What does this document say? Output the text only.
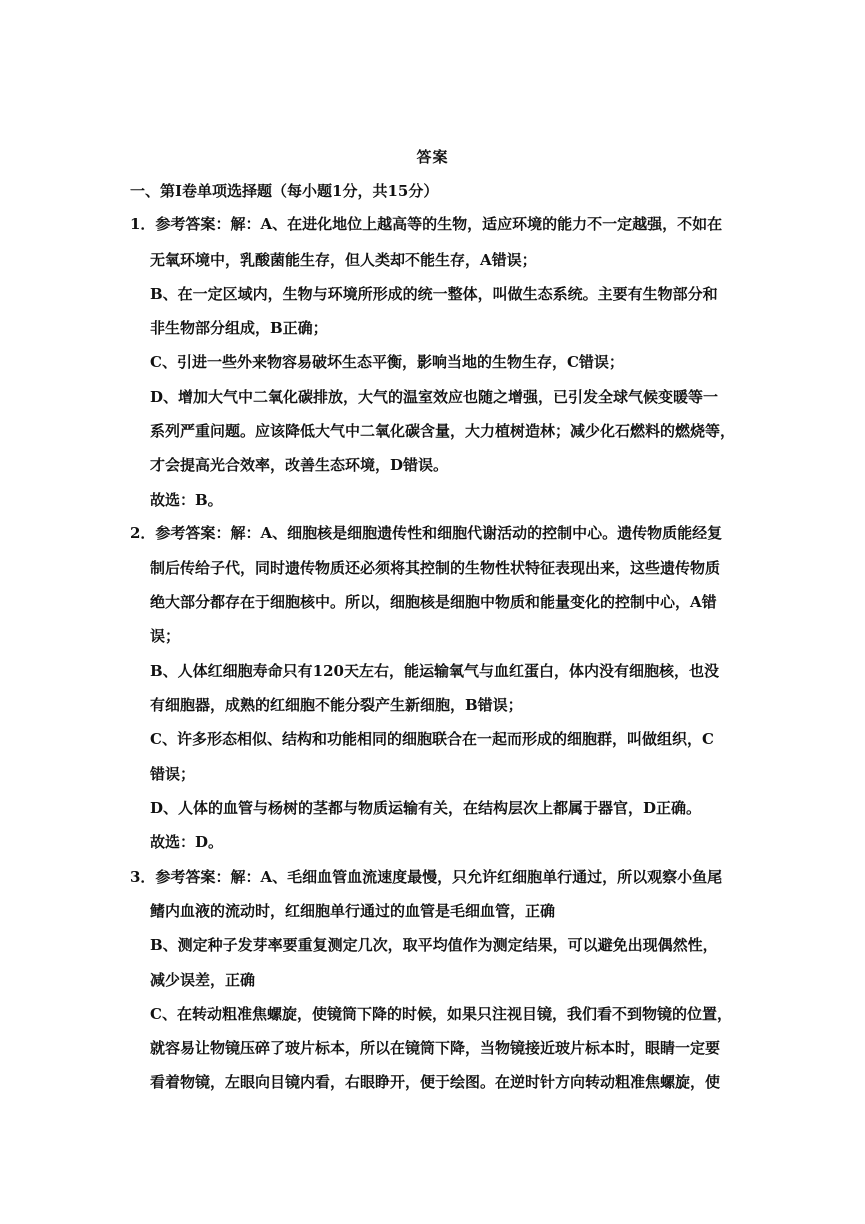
答案
一、第Ⅰ卷单项选择题（每小题1分，共15分）
1．参考答案：解：A、在进化地位上越高等的生物，适应环境的能力不一定越强，不如在
无氧环境中，乳酸菌能生存，但人类却不能生存，A错误；
B、在一定区域内，生物与环境所形成的统一整体，叫做生态系统。主要有生物部分和
非生物部分组成，B正确；
C、引进一些外来物容易破坏生态平衡，影响当地的生物生存，C错误；
D、增加大气中二氧化碳排放，大气的温室效应也随之增强，已引发全球气候变暖等一
系列严重问题。应该降低大气中二氧化碳含量，大力植树造林；减少化石燃料的燃烧等，
才会提高光合效率，改善生态环境，D错误。
故选：B。
2．参考答案：解：A、细胞核是细胞遗传性和细胞代谢活动的控制中心。遗传物质能经复
制后传给子代，同时遗传物质还必须将其控制的生物性状特征表现出来，这些遗传物质
绝大部分都存在于细胞核中。所以，细胞核是细胞中物质和能量变化的控制中心，A错
误；
B、人体红细胞寿命只有120天左右，能运输氧气与血红蛋白，体内没有细胞核，也没
有细胞器，成熟的红细胞不能分裂产生新细胞，B错误；
C、许多形态相似、结构和功能相同的细胞联合在一起而形成的细胞群，叫做组织，C
错误；
D、人体的血管与杨树的茎都与物质运输有关，在结构层次上都属于器官，D正确。
故选：D。
3．参考答案：解：A、毛细血管血流速度最慢，只允许红细胞单行通过，所以观察小鱼尾
鳍内血液的流动时，红细胞单行通过的血管是毛细血管，正确
B、测定种子发芽率要重复测定几次，取平均值作为测定结果，可以避免出现偶然性，
减少误差，正确
C、在转动粗准焦螺旋，使镜筒下降的时候，如果只注视目镜，我们看不到物镜的位置，
就容易让物镜压碎了玻片标本，所以在镜筒下降，当物镜接近玻片标本时，眼睛一定要
看着物镜，左眼向目镜内看，右眼睁开，便于绘图。在逆时针方向转动粗准焦螺旋，使
